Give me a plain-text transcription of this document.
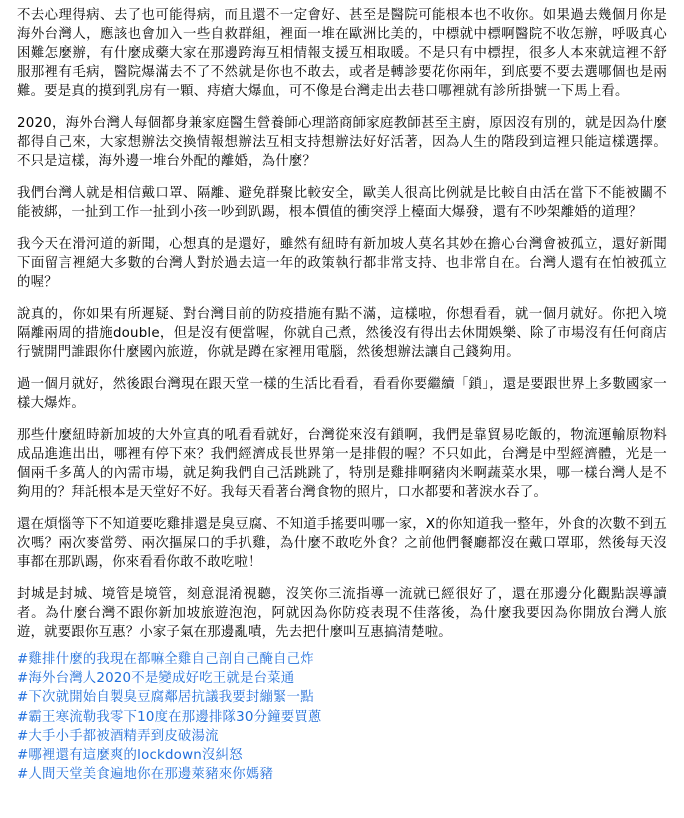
不去心理得病、去了也可能得病，而且還不一定會好、甚至是醫院可能根本也不收你。如果過去幾個月你是海外台灣人，應該也會加入一些自救群組，裡面一堆在歐洲比美的，中標就中標啊醫院不收怎辦，呼吸真心困難怎麼辦，有什麼成藥大家在那邊跨海互相情報支援互相取暖。不是只有中標捏，很多人本來就這裡不舒服那裡有毛病，醫院爆滿去不了不然就是你也不敢去，或者是轉診要花你兩年，到底要不要去選哪個也是兩難。要是真的摸到乳房有一顆、痔瘡大爆血，可不像是台灣走出去巷口哪裡就有診所掛號一下馬上看。

2020，海外台灣人每個都身兼家庭醫生營養師心理諮商師家庭教師甚至主廚，原因沒有別的，就是因為什麼都得自己來，大家想辦法交換情報想辦法互相支持想辦法好好活著，因為人生的階段到這裡只能這樣選擇。不只是這樣，海外邊一堆台外配的離婚，為什麼？

我們台灣人就是相信戴口罩、隔離、避免群聚比較安全，歐美人很高比例就是比較自由活在當下不能被關不能被綁，一扯到工作一扯到小孩一吵到趴踢，根本價值的衝突浮上檯面大爆發，還有不吵架離婚的道理？

我今天在滑河道的新聞，心想真的是還好，雖然有紐時有新加坡人莫名其妙在擔心台灣會被孤立，還好新聞下面留言裡絕大多數的台灣人對於過去這一年的政策執行都非常支持、也非常自在。台灣人還有在怕被孤立的喔？

說真的，你如果有所遲疑、對台灣目前的防疫措施有點不滿，這樣啦，你想看看，就一個月就好。你把入境隔離兩周的措施double，但是沒有便當喔，你就自己煮，然後沒有得出去休閒娛樂、除了市場沒有任何商店行號開門誰跟你什麼國內旅遊，你就是蹲在家裡用電腦，然後想辦法讓自己錢夠用。

過一個月就好，然後跟台灣現在跟天堂一樣的生活比看看，看看你要繼續「鎖」，還是要跟世界上多數國家一樣大爆炸。

那些什麼紐時新加坡的大外宣真的吼看看就好，台灣從來沒有鎖啊，我們是靠貿易吃飯的，物流運輸原物料成品進進出出，哪裡有停下來？我們經濟成長世界第一是排假的喔？不只如此，台灣是中型經濟體，光是一個兩千多萬人的內需市場，就足夠我們自己活跳跳了，特別是雞排啊豬肉米啊蔬菜水果，哪一樣台灣人是不夠用的？拜託根本是天堂好不好。我每天看著台灣食物的照片，口水都要和著淚水吞了。

還在煩惱等下不知道要吃雞排還是臭豆腐、不知道手搖要叫哪一家，X的你知道我一整年，外食的次數不到五次嗎？兩次麥當勞、兩次摳屎口的手扒雞，為什麼不敢吃外食？之前他們餐廳都沒在戴口罩耶，然後每天沒事都在那趴踢，你來看看你敢不敢吃啦！

封城是封城、境管是境管，刻意混淆視聽，沒笑你三流指導一流就已經很好了，還在那邊分化觀點誤導讀者。為什麼台灣不跟你新加坡旅遊泡泡，阿就因為你防疫表現不佳落後，為什麼我要因為你開放台灣人旅遊，就要跟你互惠？小家子氣在那邊亂嘖，先去把什麼叫互惠搞清楚啦。

#雞排什麼的我現在都嘛全雞自己剖自己醃自己炸
#海外台灣人2020不是變成好吃王就是台菜通
#下次就開始自製臭豆腐鄰居抗議我要封繃緊一點
#霸王寒流勒我零下10度在那邊排隊30分鐘要買蔥
#大手小手都被酒精弄到皮破湯流
#哪裡還有這麼爽的lockdown沒糾怒
#人間天堂美食遍地你在那邊萊豬來你媽豬
